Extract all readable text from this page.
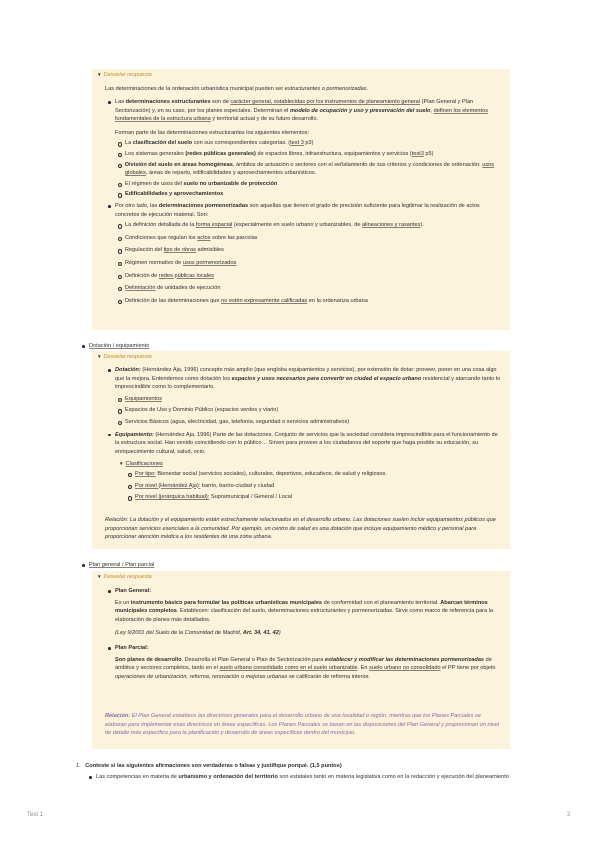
▼ Desvelar respuesta
Las determinaciones de la ordenación urbanística municipal pueden ser estructurantes o pormenorizadas.
Las determinaciones estructurantes son de carácter general, establecidas por los instrumentos de planeamiento general (Plan General y Plan Sectorización) y, en su caso, por los planes especiales. Determinan el modelo de ocupación y uso y preservación del suelo, definen los elementos fundamentales de la estructura urbana y territorial actual y de su futuro desarrollo.
Forman parte de las determinaciones estructurantes los siguientes elementos:
La clasificación del suelo con sus correspondientes categorías. (test 3 p3)
Los sistemas generales (redes públicas generales) de espacios libres, infraestructura, equipamientos y servicios (test3 p5)
División del suelo en áreas homogéneas, ámbitos de actuación o sectores con el señalamiento de sus criterios y condiciones de ordenación: usos globales, áreas de reparto, edificabilidades y aprovechamientos urbanísticos.
El régimen de usos del suelo no urbanizable de protección
Edificabilidades y aprovechamientos
Por otro lado, las determinaciones pormenorizadas son aquellas que tienen el grado de precisión suficiente para legitimar la realización de actos concretos de ejecución material. Son:
La definición detallada de la forma espacial (especialmente en suelo urbano y urbanizables, de alineaciones y rasantes).
Condiciones que regulan los actos sobre las parcelas
Regulación del tipo de obras admisibles
Régimen normativo de usos pormenorizados
Definición de redes públicas locales
Delimitación de unidades de ejecución
Definición de las determinaciones que no estén expresamente calificadas en la ordenanza urbana
Dotación / equipamiento
▼ Desvelar respuesta
Dotación: (Hernández Aja, 1996) concepto más amplio (que engloba equipamientos y servicios), por extensión de dotar: proveer, poner en una cosa algo que la mejora. Entendemos como dotación los espacios y usos necesarios para convertir en ciudad el espacio urbano residencial y atarcando tanto lo imprescindible como lo complementario.
Equipamientos
Espacios de Uso y Dominio Público (espacios verdes y viario)
Servicios Básicos (agua, electricidad, gas, telefonía, seguridad o servicios administrativos)
Equipamiento: (Hernández Aja, 1996) Parte de las dotaciones. Conjunto de servicios que la sociedad considera imprescindible para el funcionamiento de la estructura social. Han venido coincidiendo con lo público… Sirven para proveer a los ciudadanos del soporte que haga posible su educación, su enriquecimiento cultural, salud, ocio.
▼ Clasificaciones
Por tipo: Bienestar social (servicios sociales), culturales, deportivos, educativos, de salud y religiosos.
Por nivel (Hernández Aja): barrio, barrio-ciudad y ciudad
Por nivel (jerárquica habitual): Supramunicipal / General / Local
Relación: La dotación y el equipamiento están estrechamente relacionados en el desarrollo urbano. Las dotaciones suelen incluir equipamientos públicos que proporcionan servicios esenciales a la comunidad. Por ejemplo, un centro de salud es una dotación que incluye equipamiento médico y personal para proporcionar atención médica a los residentes de una zona urbana.
Plan general / Plan parcial
▼ Desvelar respuesta
Plan General:
Es un instrumento básico para formular las políticas urbanísticas municipales de conformidad con el planeamiento territorial. Abarcan términos municipales completos. Establecen: clasificación del suelo, determinaciones estructurantes y pormenorizadas. Sirve como marco de referencia para la elaboración de planes más detallados.
(Ley 9/2001 del Suelo de la Comunidad de Madrid, Art. 34, 41, 42)
Plan Parcial:
Son planes de desarrollo. Desarrolla el Plan General o Plan de Sectorización para establecer y modificar las determinaciones pormenorizadas de ámbitos y sectores completos, tanto en el suelo urbano consolidado como en el suelo urbanizable. En suelo urbano no consolidado el PP tiene por objeto operaciones de urbanización, reforma, renovación o mejoras urbanas se calificarán de reforma interior.
Relación: El Plan General establece las directrices generales para el desarrollo urbano de una localidad o región, mientras que los Planes Parciales se elaboran para implementar esas directrices en áreas específicas. Los Planes Parciales se basan en las disposiciones del Plan General y proporcionan un nivel de detalle más específico para la planificación y desarrollo de áreas específicas dentro del municipio.
1. Conteste si las siguientes afirmaciones son verdaderas o falsas y justifique porqué. (1,5 puntos)
Las competencias en materia de urbanismo y ordenación del territorio son estatales tanto en materia legislativa como en la redacción y ejecución del planeamiento
Test 1	2
